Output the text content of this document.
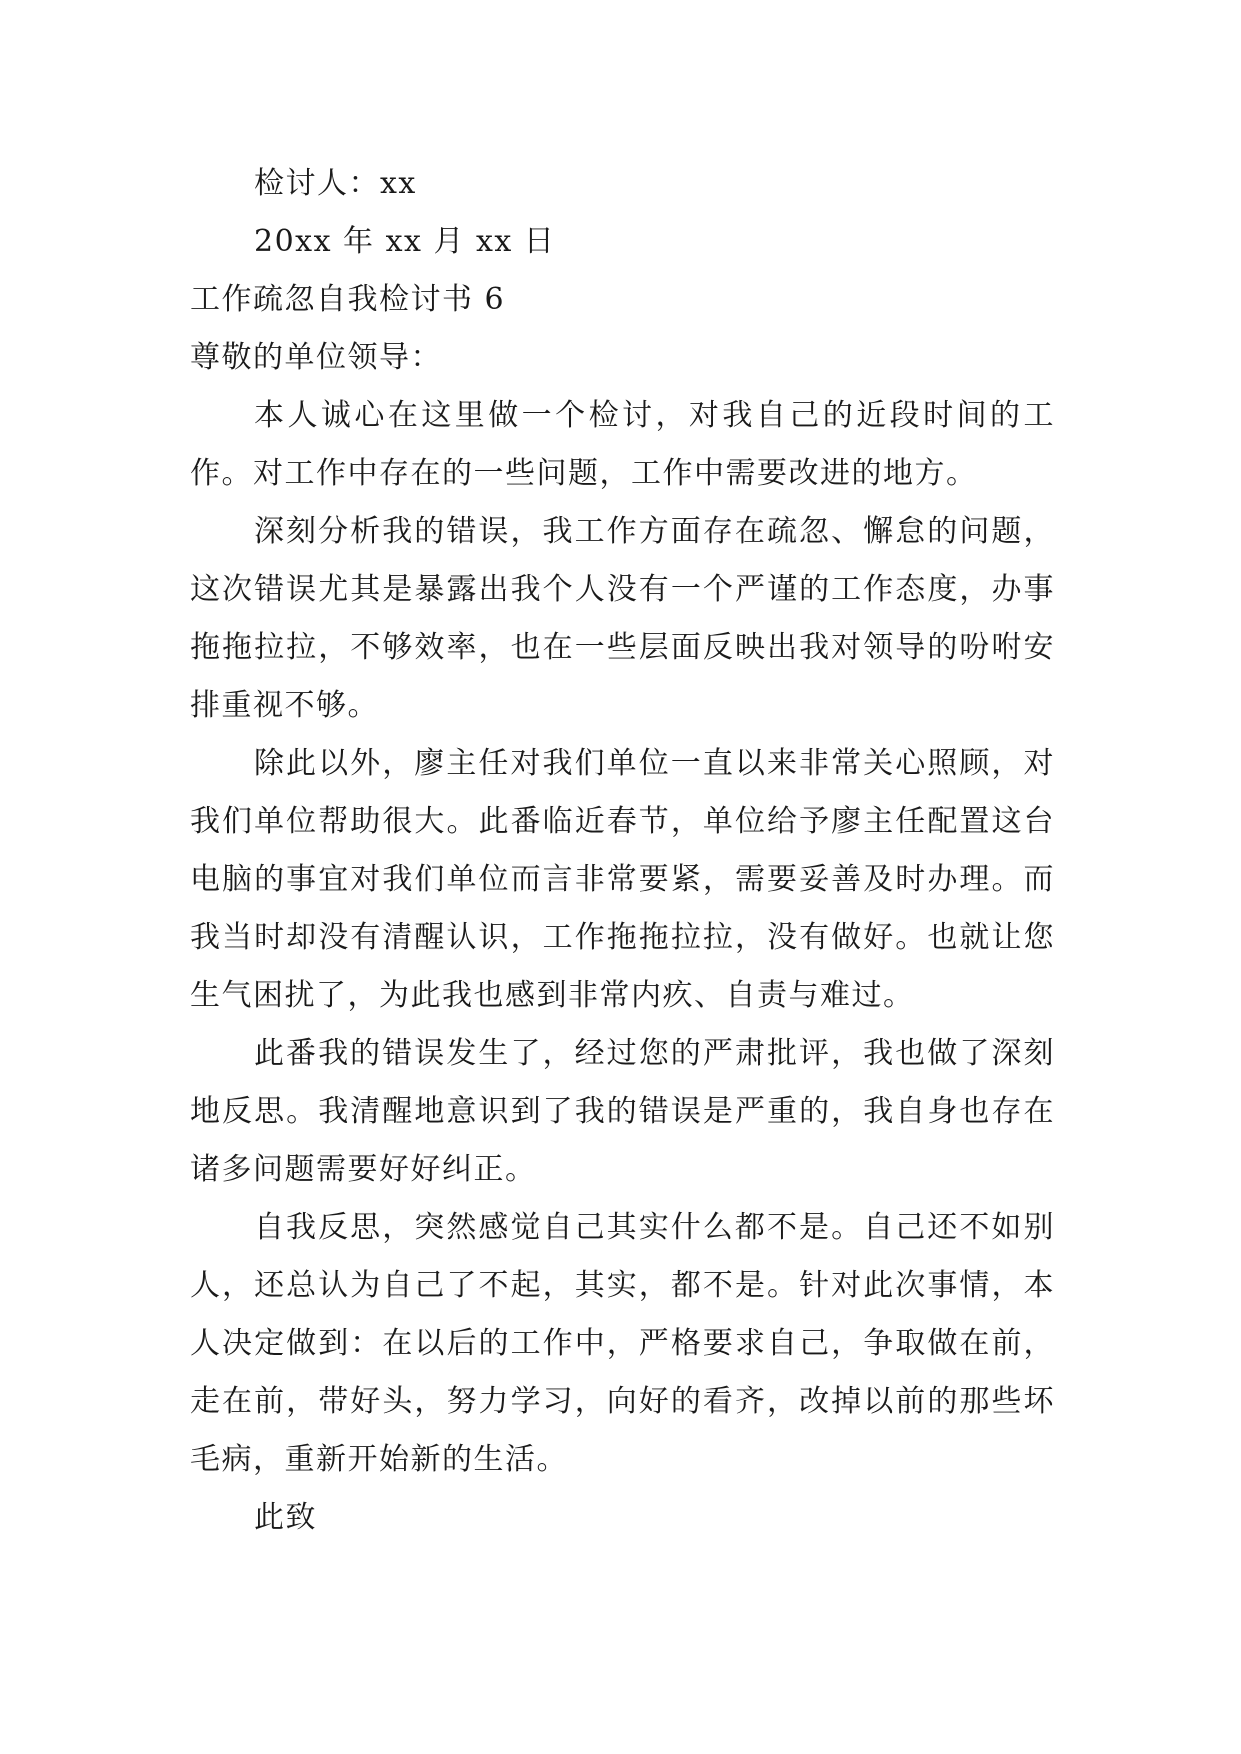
检讨人：xx

20xx 年 xx 月 xx 日

工作疏忽自我检讨书 6

尊敬的单位领导：

本人诚心在这里做一个检讨，对我自己的近段时间的工作。对工作中存在的一些问题，工作中需要改进的地方。

深刻分析我的错误，我工作方面存在疏忽、懈怠的问题，这次错误尤其是暴露出我个人没有一个严谨的工作态度，办事拖拖拉拉，不够效率，也在一些层面反映出我对领导的吩咐安排重视不够。

除此以外，廖主任对我们单位一直以来非常关心照顾，对我们单位帮助很大。此番临近春节，单位给予廖主任配置这台电脑的事宜对我们单位而言非常要紧，需要妥善及时办理。而我当时却没有清醒认识，工作拖拖拉拉，没有做好。也就让您生气困扰了，为此我也感到非常内疚、自责与难过。

此番我的错误发生了，经过您的严肃批评，我也做了深刻地反思。我清醒地意识到了我的错误是严重的，我自身也存在诸多问题需要好好纠正。

自我反思，突然感觉自己其实什么都不是。自己还不如别人，还总认为自己了不起，其实，都不是。针对此次事情，本人决定做到：在以后的工作中，严格要求自己，争取做在前，走在前，带好头，努力学习，向好的看齐，改掉以前的那些坏毛病，重新开始新的生活。

此致
